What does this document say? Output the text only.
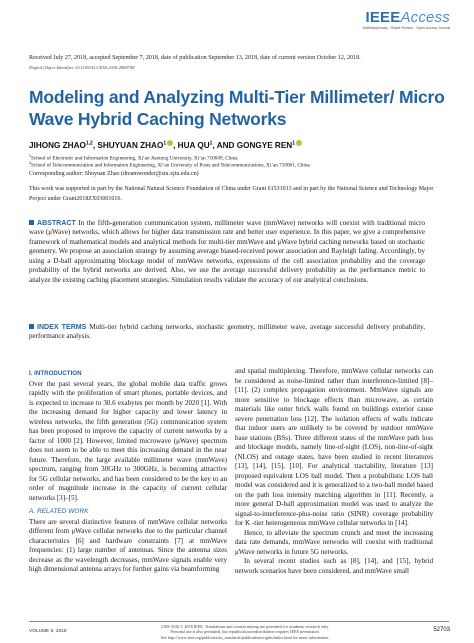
IEEEAccess
Multidisciplinary : Rapid Review : Open Access Journal
Received July 27, 2018, accepted September 7, 2018, date of publication September 13, 2018, date of current version October 12, 2018.
Digital Object Identifier 10.1109/ACCESS.2018.2869748
Modeling and Analyzing Multi-Tier Millimeter/ Micro Wave Hybrid Caching Networks
JIHONG ZHAO$^{1,2}$, SHUYUAN ZHAO$^1$ , HUA $QU^1$, AND GONGYE REN$^1$
$^1$School of Electronic and Information Engineering, Xi’an Jiaotong University, Xi’an 710049, China
$^2$School of Telecommunication and Information Engineering, Xi’an University of Posts and Telecommunications, Xi’an 710061, China
Corresponding author: Shuyuan Zhao (dreamwonder@stu.xjtu.edu.cn)
This work was supported in part by the National Natural Science Foundation of China under Grant 61531013 and in part by the National Science and Technology Major Project under Grant2018ZX03001016.
ABSTRACT In the fifth-generation communication system, millimeter wave (mmWave) networks will coexist with traditional micro wave (μWave) networks, which allows for higher data transmission rate and better user experience. In this paper, we give a comprehensive framework of mathematical models and analytical methods for multi-tier mmWave and μWave hybrid caching networks based on stochastic geometry. We propose an association strategy by assuming average biased-received power association and Rayleigh fading. Accordingly, by using a D-ball approximating blockage model of mmWave networks, expressions of the cell association probability and the coverage probability of the hybrid networks are derived. Also, we use the average successful delivery probability as the performance metric to analyze the existing caching placement strategies. Simulation results validate the accuracy of our analytical conclusions.
INDEX TERMS Multi-tier hybrid caching networks, stochastic geometry, millimeter wave, average successful delivery probability, performance analysis.
I. INTRODUCTION

Over the past several years, the global mobile data traffic grows rapidly with the proliferation of smart phones, portable devices, and is expected to increase to 30.6 exabytes per month by 2020 [1]. With the increasing demand for higher capacity and lower latency in wireless networks, the fifth generation (5G) communication system has been proposed to improve the capacity of current networks by a factor of 1000 [2]. However, limited microwave (μWave) spectrum does not seem to be able to meet this increasing demand in the near future. Therefore, the large available millimeter wave (mmWave) spectrum, ranging from 30GHz to 300GHz, is becoming attractive for 5G cellular networks, and has been considered to be the key to an order of magnitude increase in the capacity of current cellular networks [3]–[5].

A. RELATED WORK

There are several distinctive features of mmWave cellular networks different from μWave cellular networks due to the particular channel characteristics [6] and hardware constraints [7] at mmWave frequencies: (1) large number of antennas. Since the antenna sizes decrease as the wavelength decreases, mmWave signals enable very high dimensional antenna arrays for further gains via beamforming

and spatial multiplexing. Therefore, mmWave cellular networks can be considered as noise-limited rather than interference-limited [8]–[11]. (2) complex propagation environment. MmWave signals are more sensitive to blockage effects than microwave, as certain materials like outer brick walls found on buildings exterior cause severe penetration loss [12]. The isolation effects of walls indicate that indoor users are unlikely to be covered by outdoor mmWave base stations (BSs). Three different states of the mmWave path loss and blockage models, namely line-of-sight (LOS), non-line-of-sight (NLOS) and outage states, have been studied in recent literatures [13], [14], [15], [10]. For analytical tractability, literature [13] proposed equivalent LOS ball model. Then a probabilistic LOS ball model was considered and it is generalized to a two-ball model based on the path loss intensity matching algorithm in [11]. Recently, a more general D-ball approximation model was used to analyze the signal-to-interference-plus-noise ratio (SINR) coverage probability for K -tier heterogeneous mmWave cellular networks in [14].

Hence, to alleviate the spectrum crunch and meet the increasing data rate demands, mmWave networks will coexist with traditional μWave networks in future 5G networks.

In several recent studies such as [8], [14], and [15], hybrid network scenarios have been considered, and mmWave small

VOLUME 6, 2018
2169-3536 © 2018 IEEE. Translations and content mining are permitted for academic research only.
Personal use is also permitted, but republication/redistribution requires IEEE permission.
See http://www.ieee.org/publications_standards/publications/rights/index.html for more information.
52703
